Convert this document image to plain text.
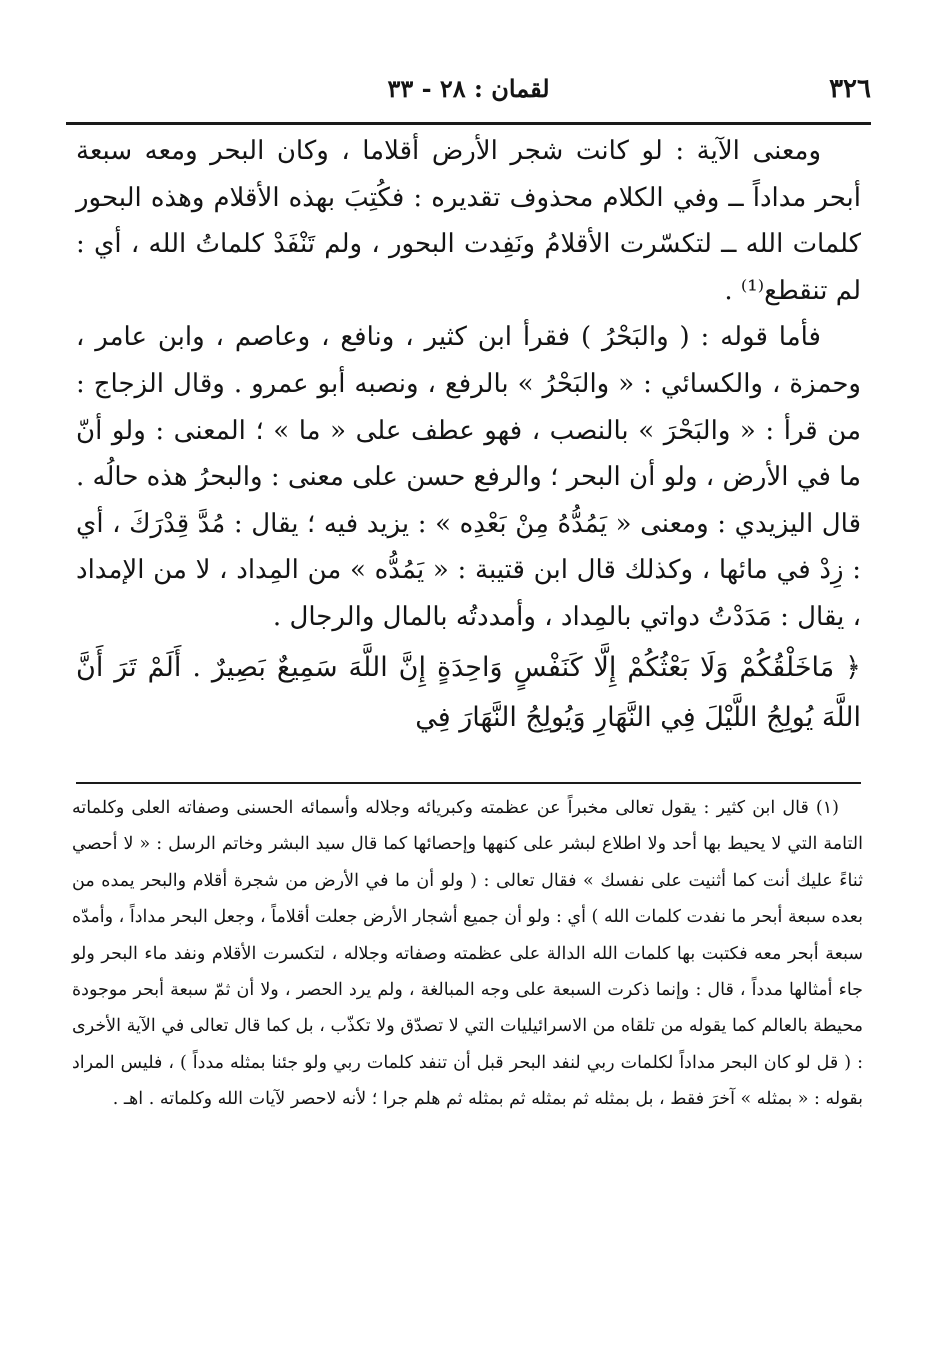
٣٢٦
لقمان : ٢٨ - ٣٣

ومعنى الآية : لو كانت شجر الأرض أقلاما ، وكان البحر ومعه سبعة أبحر مداداً ــ وفي الكلام محذوف تقديره : فكُتِبَ بهذه الأقلام وهذه البحور كلمات الله ــ لتكسّرت الأقلامُ ونَفِدت البحور ، ولم تَنْفَدْ كلماتُ الله ، أي : لم تنقطع⁽¹⁾ .

فأما قوله : ( والبَحْرُ ) فقرأ ابن كثير ، ونافع ، وعاصم ، وابن عامر ، وحمزة ، والكسائي : « والبَحْرُ » بالرفع ، ونصبه أبو عمرو . وقال الزجاج : من قرأ : « والبَحْرَ » بالنصب ، فهو عطف على « ما » ؛ المعنى : ولو أنّ ما في الأرض ، ولو أن البحر ؛ والرفع حسن على معنى : والبحرُ هذه حالُه . قال اليزيدي : ومعنى « يَمُدُّهُ مِنْ بَعْدِه » : يزيد فيه ؛ يقال : مُدَّ قِدْرَكَ ، أي : زِدْ في مائها ، وكذلك قال ابن قتيبة : « يَمُدُّه » من المِداد ، لا من الإمداد ، يقال : مَدَدْتُ دواتي بالمِداد ، وأمددتُه بالمال والرجال .

﴿ مَاخَلْقُكُمْ وَلَا بَعْثُكُمْ إِلَّا كَنَفْسٍ وَاحِدَةٍ إِنَّ اللَّهَ سَمِيعٌ بَصِيرٌ . أَلَمْ تَرَ أَنَّ اللَّهَ يُولِجُ اللَّيْلَ فِي النَّهَارِ وَيُولِجُ النَّهَارَ فِي

(١) قال ابن كثير : يقول تعالى مخبراً عن عظمته وكبريائه وجلاله وأسمائه الحسنى وصفاته العلى وكلماته التامة التي لا يحيط بها أحد ولا اطلاع لبشر على كنهها وإحصائها كما قال سيد البشر وخاتم الرسل : « لا أحصي ثناءً عليك أنت كما أثنيت على نفسك » فقال تعالى : ( ولو أن ما في الأرض من شجرة أقلام والبحر يمده من بعده سبعة أبحر ما نفدت كلمات الله ) أي : ولو أن جميع أشجار الأرض جعلت أقلاماً ، وجعل البحر مداداً ، وأمدّه سبعة أبحر معه فكتبت بها كلمات الله الدالة على عظمته وصفاته وجلاله ، لتكسرت الأقلام ونفد ماء البحر ولو جاء أمثالها مدداً ، قال : وإنما ذكرت السبعة على وجه المبالغة ، ولم يرد الحصر ، ولا أن ثمّ سبعة أبحر موجودة محيطة بالعالم كما يقوله من تلقاه من الاسرائيليات التي لا تصدّق ولا تكذّب ، بل كما قال تعالى في الآية الأخرى : ( قل لو كان البحر مداداً لكلمات ربي لنفد البحر قبل أن تنفد كلمات ربي ولو جئنا بمثله مدداً ) ، فليس المراد بقوله : « بمثله » آخرَ فقط ، بل بمثله ثم بمثله ثم بمثله ثم هلم جرا ؛ لأنه لاحصر لآيات الله وكلماته . اهـ .
